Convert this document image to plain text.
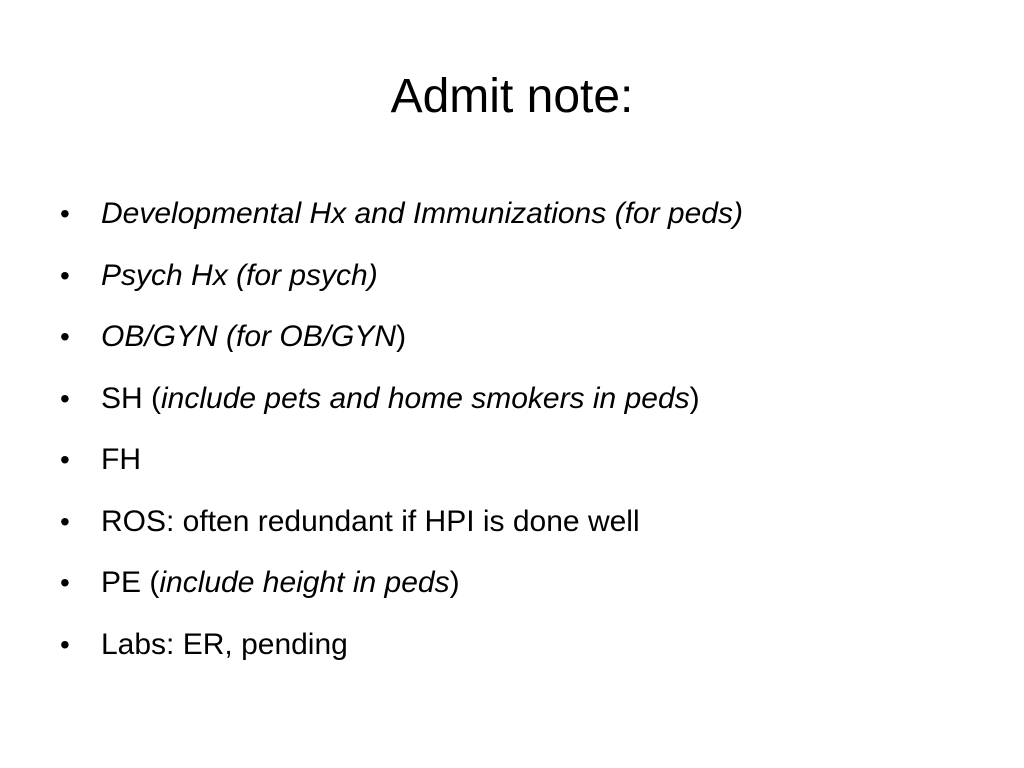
Admit note:
•	Developmental Hx and Immunizations (for peds)
•	Psych Hx (for psych)
•	OB/GYN (for OB/GYN)
•	SH (include pets and home smokers in peds)
•	FH
•	ROS: often redundant if HPI is done well
•	PE (include height in peds)
•	Labs: ER, pending
